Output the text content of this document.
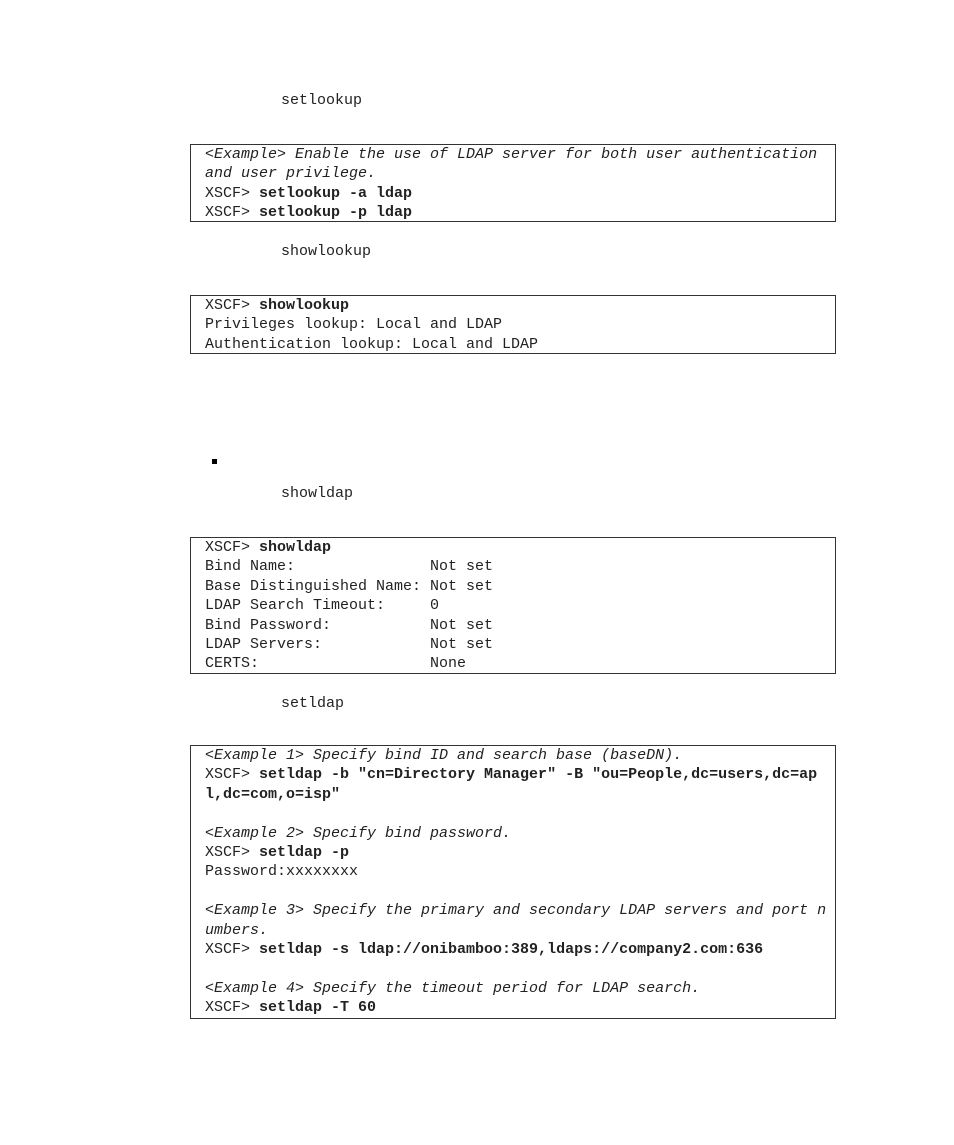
setlookup
<Example> Enable the use of LDAP server for both user authentication and user privilege.
XSCF> setlookup -a ldap
XSCF> setlookup -p ldap
showlookup
XSCF> showlookup
Privileges lookup: Local and LDAP
Authentication lookup: Local and LDAP
showldap
XSCF> showldap
Bind Name:               Not set
Base Distinguished Name: Not set
LDAP Search Timeout:     0
Bind Password:           Not set
LDAP Servers:            Not set
CERTS:                   None
setldap
<Example 1> Specify bind ID and search base (baseDN).
XSCF> setldap -b "cn=Directory Manager" -B "ou=People,dc=users,dc=apl,dc=com,o=isp"
<Example 2> Specify bind password.
XSCF> setldap -p
Password:xxxxxxxx
<Example 3> Specify the primary and secondary LDAP servers and port numbers.
XSCF> setldap -s ldap://onibamboo:389,ldaps://company2.com:636
<Example 4> Specify the timeout period for LDAP search.
XSCF> setldap -T 60
